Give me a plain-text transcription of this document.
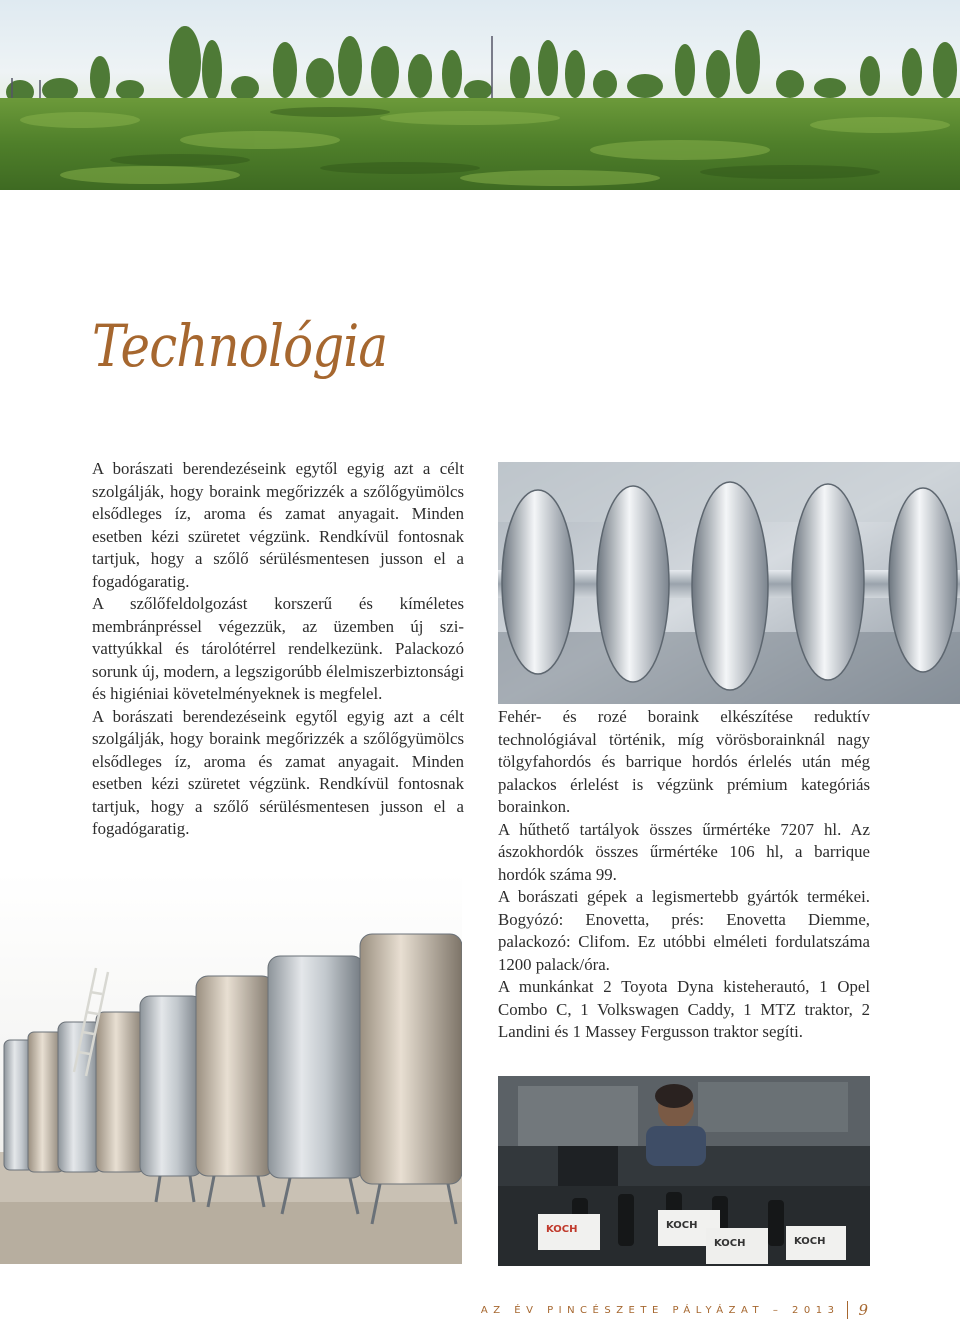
Technológia

A borászati berendezéseink egytől egyig azt a célt szolgálják, hogy boraink megőrizzék a szőlőgyümölcs elsődleges íz, aroma és zamat anyagait. Minden esetben kézi szüretet végzünk. Rendkívül fontosnak tartjuk, hogy a szőlő sérülésmentesen jusson el a fogadógaratig.

A szőlőfeldolgozást korszerű és kíméletes membránpréssel végezzük, az üzemben új szivattyúkkal és tárolótérrel rendelkezünk. Palackozó sorunk új, modern, a legszigorúbb élelmiszerbiztonsági és higiéniai követelményeknek is megfelel.

A borászati berendezéseink egytől egyig azt a célt szolgálják, hogy boraink megőrizzék a szőlőgyümölcs elsődleges íz, aroma és zamat anyagait. Minden esetben kézi szüretet végzünk. Rendkívül fontosnak tartjuk, hogy a szőlő sérülésmentesen jusson el a fogadógaratig.

Fehér- és rozé boraink elkészítése reduktív technológiával történik, míg vörösborainknál nagy tölgyfahordós és barrique hordós érlelés után még palackos érlelést is végzünk prémium kategóriás borainkon.

A hűthető tartályok összes űrmértéke 7207 hl. Az ászokhordók összes űrmértéke 106 hl, a barrique hordók száma 99.

A borászati gépek a legismertebb gyártók termékei. Bogyózó: Enovetta, prés: Enovetta Diemme, palackozó: Clifom. Ez utóbbi elméleti fordulatszáma 1200 palack/óra.

A munkánkat 2 Toyota Dyna kisteherautó, 1 Opel Combo C, 1 Volkswagen Caddy, 1 MTZ traktor, 2 Landini és 1 Massey Fergusson traktor segíti.

KOCH	KOCH
KOCH	KOCH
AZ ÉV PINCÉSZETE PÁLYÁZAT – 2013 9
